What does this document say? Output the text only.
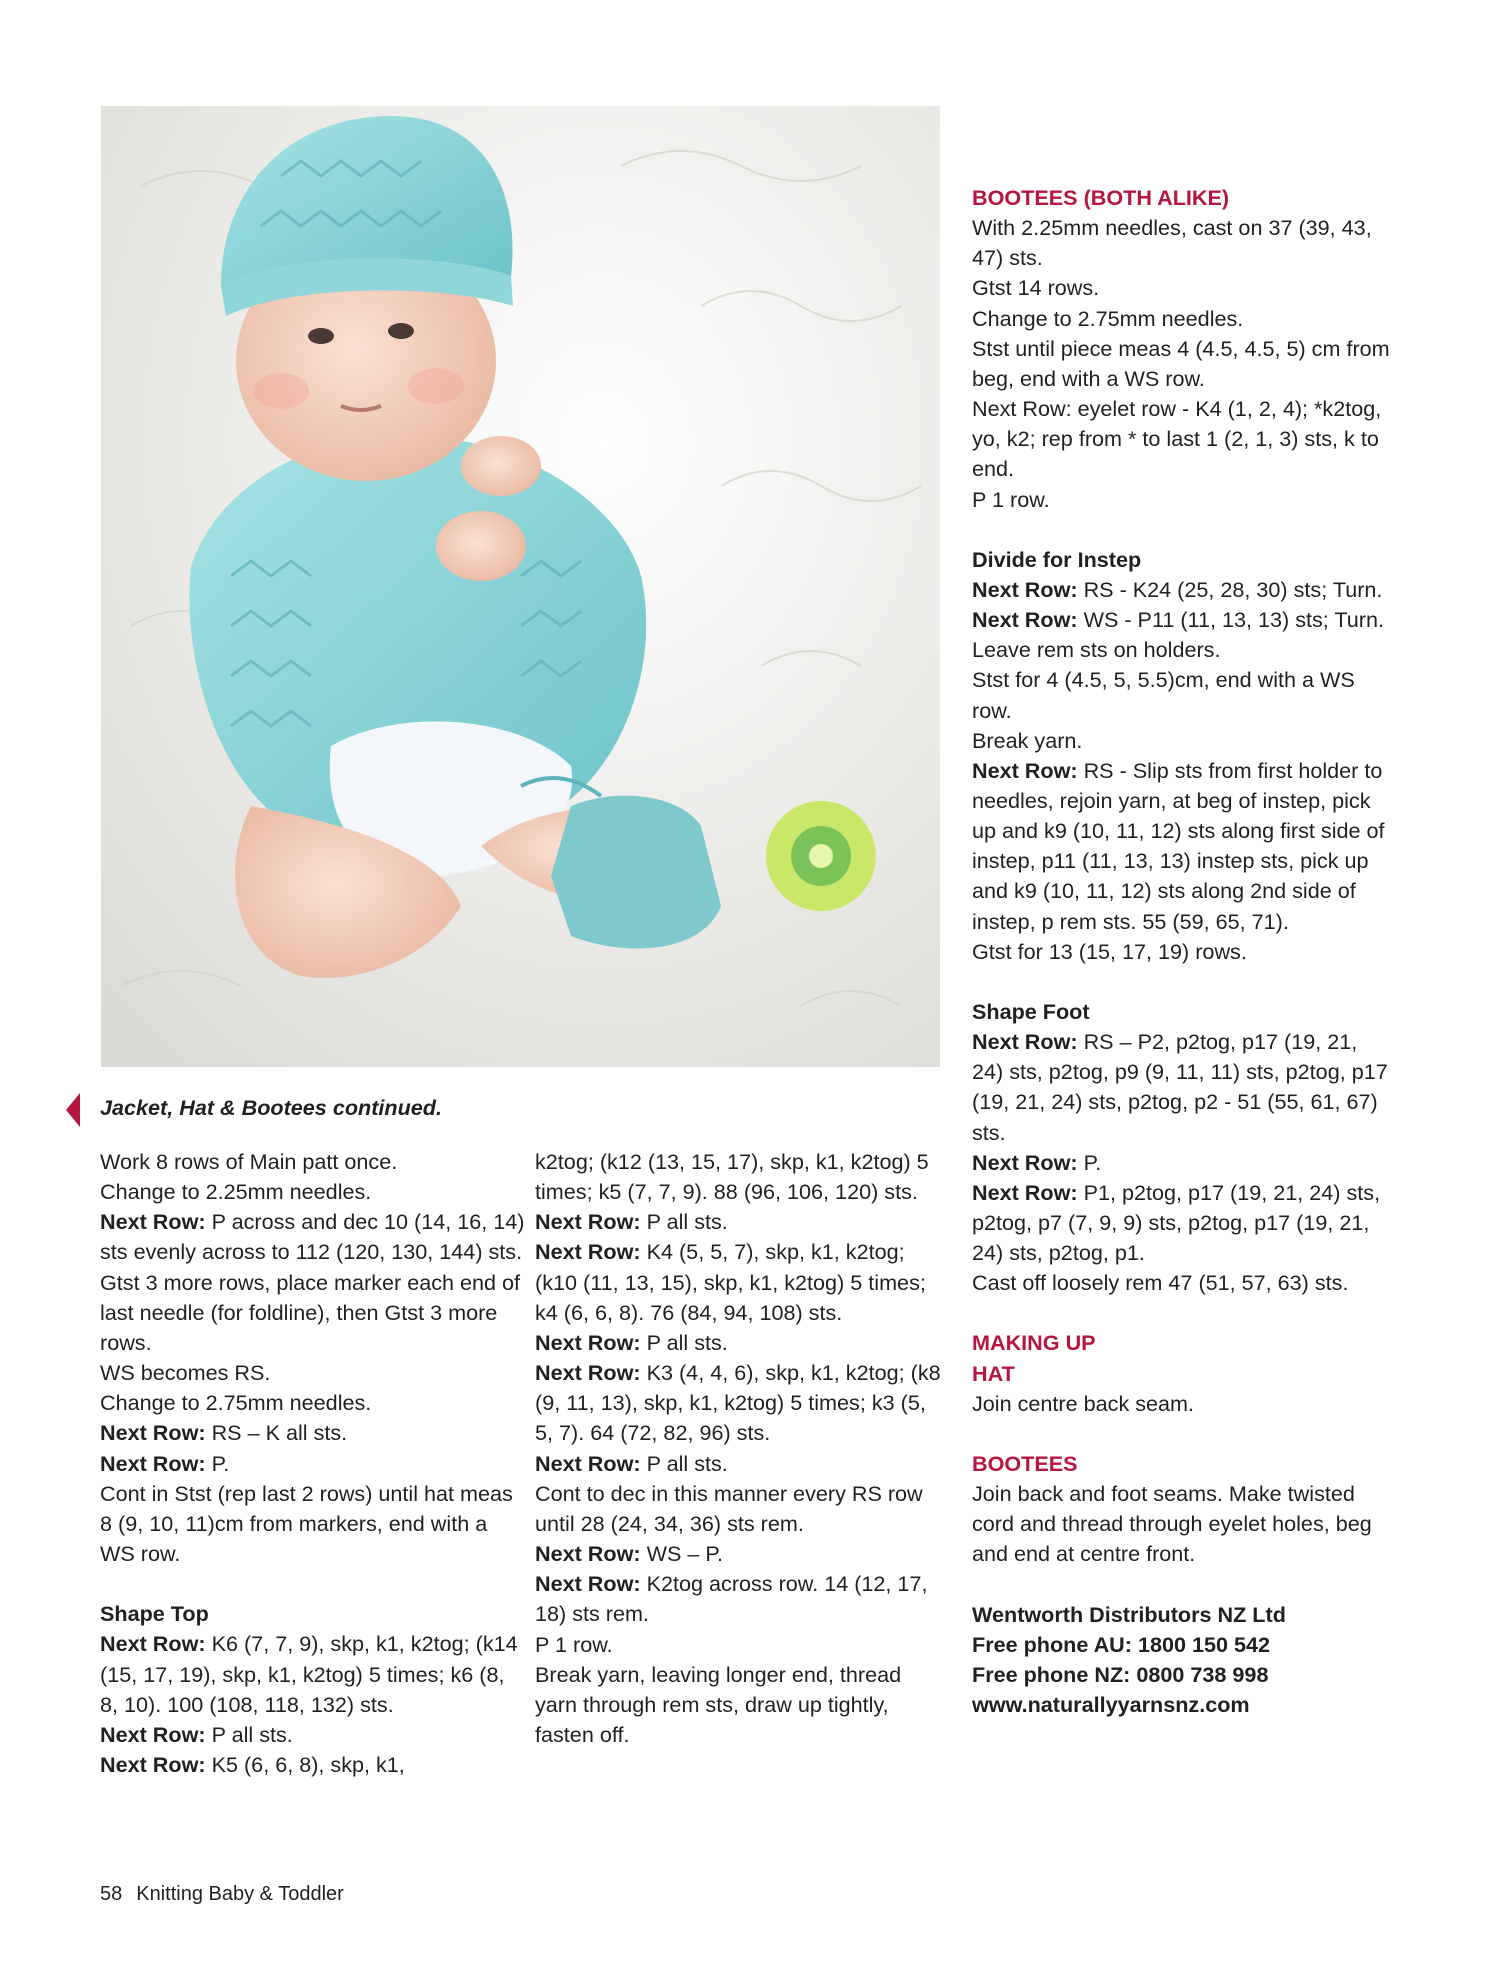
Jacket, Hat & Bootees continued.

Work 8 rows of Main patt once.

Change to 2.25mm needles.

Next Row: P across and dec 10 (14, 16, 14) sts evenly across to 112 (120, 130, 144) sts.

Gtst 3 more rows, place marker each end of last needle (for foldline), then Gtst 3 more rows.

WS becomes RS.

Change to 2.75mm needles.

Next Row: RS – K all sts.

Next Row: P.

Cont in Stst (rep last 2 rows) until hat meas 8 (9, 10, 11)cm from markers, end with a WS row.

Shape Top

Next Row: K6 (7, 7, 9), skp, k1, k2tog; (k14 (15, 17, 19), skp, k1, k2tog) 5 times; k6 (8, 8, 10). 100 (108, 118, 132) sts.

Next Row: P all sts.

Next Row: K5 (6, 6, 8), skp, k1,

k2tog; (k12 (13, 15, 17), skp, k1, k2tog) 5 times; k5 (7, 7, 9). 88 (96, 106, 120) sts.

Next Row: P all sts.

Next Row: K4 (5, 5, 7), skp, k1, k2tog; (k10 (11, 13, 15), skp, k1, k2tog) 5 times; k4 (6, 6, 8). 76 (84, 94, 108) sts.

Next Row: P all sts.

Next Row: K3 (4, 4, 6), skp, k1, k2tog; (k8 (9, 11, 13), skp, k1, k2tog) 5 times; k3 (5, 5, 7). 64 (72, 82, 96) sts.

Next Row: P all sts.

Cont to dec in this manner every RS row until 28 (24, 34, 36) sts rem.

Next Row: WS – P.

Next Row: K2tog across row. 14 (12, 17, 18) sts rem.

P 1 row.

Break yarn, leaving longer end, thread yarn through rem sts, draw up tightly, fasten off.

BOOTEES (BOTH ALIKE)

With 2.25mm needles, cast on 37 (39, 43, 47) sts.

Gtst 14 rows.

Change to 2.75mm needles.

Stst until piece meas 4 (4.5, 4.5, 5) cm from beg, end with a WS row.

Next Row: eyelet row - K4 (1, 2, 4); *k2tog, yo, k2; rep from * to last 1 (2, 1, 3) sts, k to end.

P 1 row.

Divide for Instep

Next Row: RS - K24 (25, 28, 30) sts; Turn.

Next Row: WS - P11 (11, 13, 13) sts; Turn. Leave rem sts on holders.

Stst for 4 (4.5, 5, 5.5)cm, end with a WS row.

Break yarn.

Next Row: RS - Slip sts from first holder to needles, rejoin yarn, at beg of instep, pick up and k9 (10, 11, 12) sts along first side of instep, p11 (11, 13, 13) instep sts, pick up and k9 (10, 11, 12) sts along 2nd side of instep, p rem sts. 55 (59, 65, 71).

Gtst for 13 (15, 17, 19) rows.

Shape Foot

Next Row: RS – P2, p2tog, p17 (19, 21, 24) sts, p2tog, p9 (9, 11, 11) sts, p2tog, p17 (19, 21, 24) sts, p2tog, p2 - 51 (55, 61, 67) sts.

Next Row: P.

Next Row: P1, p2tog, p17 (19, 21, 24) sts, p2tog, p7 (7, 9, 9) sts, p2tog, p17 (19, 21, 24) sts, p2tog, p1.

Cast off loosely rem 47 (51, 57, 63) sts.

MAKING UP

HAT

Join centre back seam.

BOOTEES

Join back and foot seams. Make twisted cord and thread through eyelet holes, beg and end at centre front.

Wentworth Distributors NZ Ltd

Free phone AU: 1800 150 542

Free phone NZ: 0800 738 998

www.naturallyyarnsnz.com

58 Knitting Baby & Toddler
